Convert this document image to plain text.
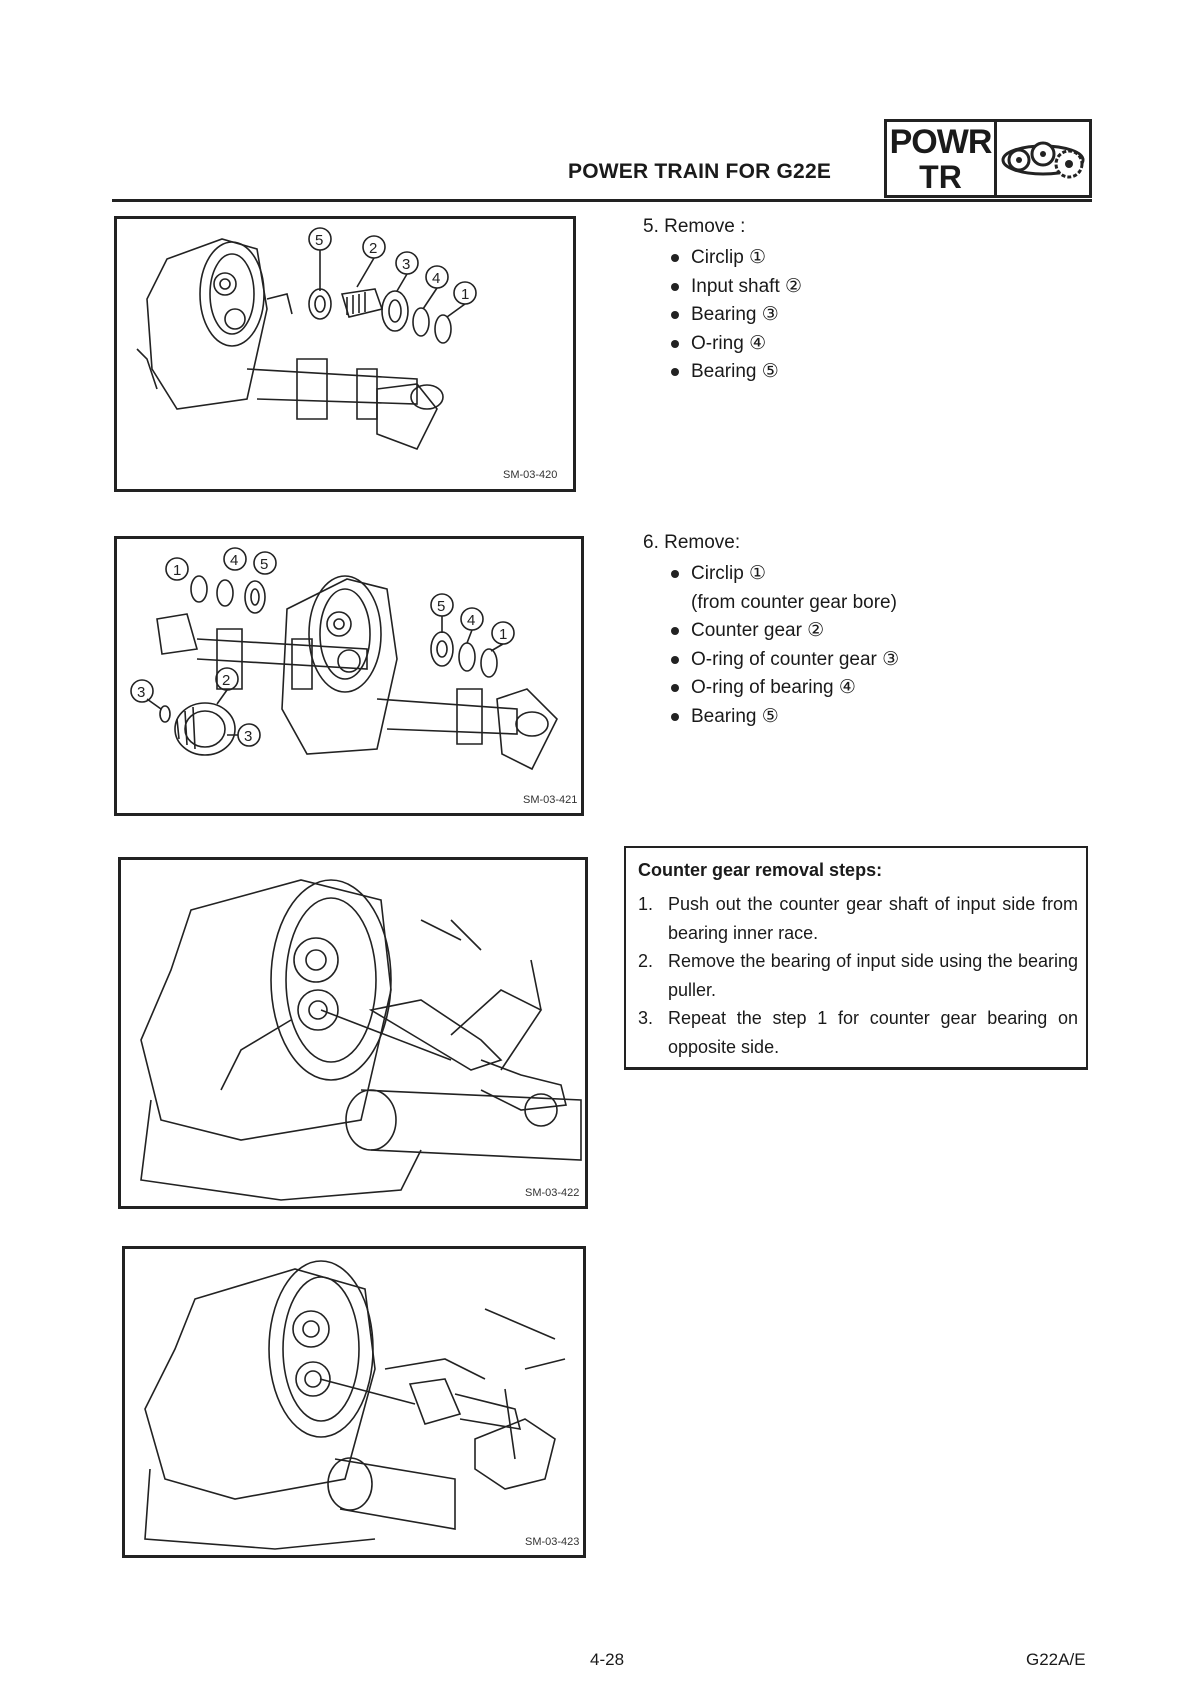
POWER TRAIN FOR G22E
POWR
TR
5	2
3
4
1
SM-03-420
5. Remove :
Circlip ①
Input shaft ②
Bearing ③
O-ring ④
Bearing ⑤
1
4 5
5
4
1
3
2
3
SM-03-421
6. Remove:
Circlip ①
(from counter gear bore)
Counter gear ②
O-ring of counter gear ③
O-ring of bearing ④
Bearing ⑤
SM-03-422
Counter gear removal steps:
1. Push out the counter gear shaft of input side from bearing inner race.
2. Remove the bearing of input side using the bearing puller.
3. Repeat the step 1 for counter gear bearing on opposite side.
SM-03-423
4-28	G22A/E
